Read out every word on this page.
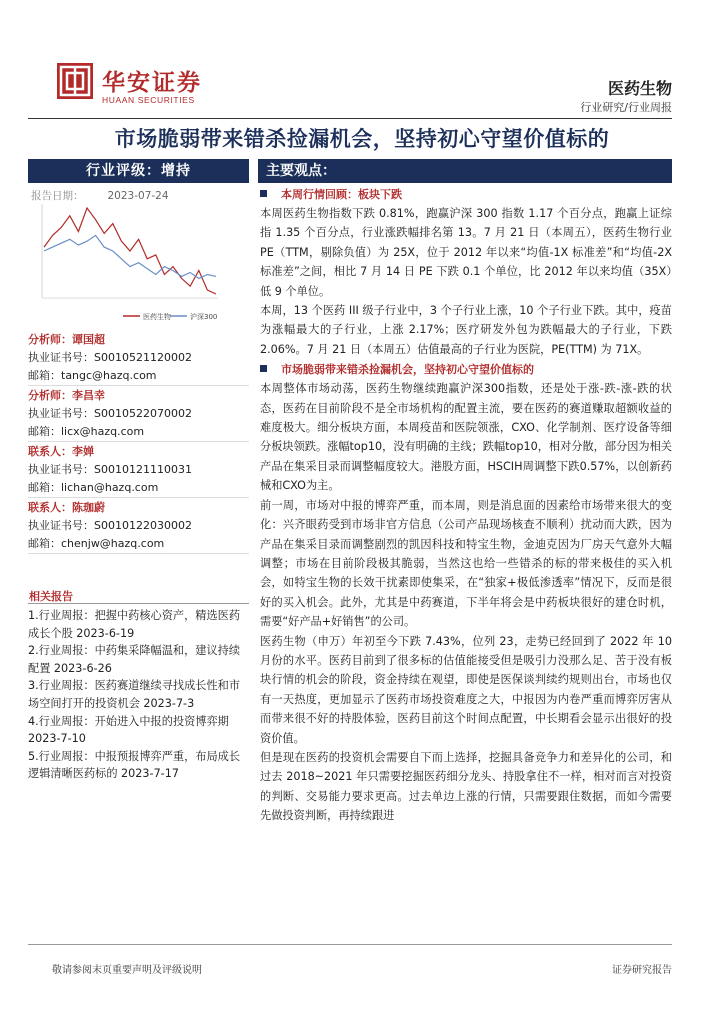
华安证券
HUAAN SECURITIES
医药生物
行业研究/行业周报
市场脆弱带来错杀捡漏机会，坚持初心守望价值标的
行业评级：增持
报告日期： 2023-07-24
医药生物	沪深300
分析师：谭国超
执业证书号：S0010521120002
邮箱：tangc@hazq.com
分析师：李昌幸
执业证书号：S0010522070002
邮箱：licx@hazq.com
联系人：李婵
执业证书号：S0010121110031
邮箱：lichan@hazq.com
联系人：陈珈蔚
执业证书号：S0010122030002
邮箱：chenjw@hazq.com
相关报告

1.行业周报：把握中药核心资产，精选医药成长个股 2023-6-19

2.行业周报：中药集采降幅温和，建议持续配置 2023-6-26

3.行业周报：医药赛道继续寻找成长性和市场空间打开的投资机会 2023-7-3

4.行业周报：开始进入中报的投资博弈期 2023-7-10

5.行业周报：中报预报博弈严重，布局成长逻辑清晰医药标的 2023-7-17

主要观点：
本周行情回顾：板块下跌
本周医药生物指数下跌 0.81%，跑赢沪深 300 指数 1.17 个百分点，跑赢上证综指 1.35 个百分点，行业涨跌幅排名第 13。7 月 21 日（本周五），医药生物行业 PE（TTM，剔除负值）为 25X，位于 2012 年以来“均值-1X 标准差”和“均值-2X 标准差”之间，相比 7 月 14 日 PE 下跌 0.1 个单位，比 2012 年以来均值（35X）低 9 个单位。
本周，13 个医药 III 级子行业中，3 个子行业上涨，10 个子行业下跌。其中，疫苗为涨幅最大的子行业，上涨 2.17%；医疗研发外包为跌幅最大的子行业，下跌 2.06%。7 月 21 日（本周五）估值最高的子行业为医院，PE(TTM) 为 71X。
市场脆弱带来错杀捡漏机会，坚持初心守望价值标的
本周整体市场动荡，医药生物继续跑赢沪深300指数，还是处于涨-跌-涨-跌的状态，医药在目前阶段不是全市场机构的配置主流，要在医药的赛道赚取超额收益的难度极大。细分板块方面，本周疫苗和医院领涨，CXO、化学制剂、医疗设备等细分板块领跌。涨幅top10，没有明确的主线；跌幅top10，相对分散，部分因为相关产品在集采目录而调整幅度较大。港股方面，HSCIH周调整下跌0.57%，以创新药械和CXO为主。
前一周，市场对中报的博弈严重，而本周，则是消息面的因素给市场带来很大的变化：兴齐眼药受到市场非官方信息（公司产品现场核查不顺利）扰动而大跌，因为产品在集采目录而调整剧烈的凯因科技和特宝生物，金迪克因为厂房天气意外大幅调整；市场在目前阶段极其脆弱，当然这也给一些错杀的标的带来极佳的买入机会，如特宝生物的长效干扰素即使集采，在“独家+极低渗透率”情况下，反而是很好的买入机会。此外，尤其是中药赛道，下半年将会是中药板块很好的建仓时机，需要“好产品+好销售”的公司。
医药生物（申万）年初至今下跌 7.43%，位列 23，走势已经回到了 2022 年 10 月份的水平。医药目前到了很多标的估值能接受但是吸引力没那么足、苦于没有板块行情的机会的阶段，资金持续在观望，即使是医保谈判续约规则出台，市场也仅有一天热度，更加显示了医药市场投资难度之大，中报因为内卷严重而博弈厉害从而带来很不好的持股体验，医药目前这个时间点配置，中长期看会显示出很好的投资价值。
但是现在医药的投资机会需要自下而上选择，挖掘具备竞争力和差异化的公司，和过去 2018~2021 年只需要挖掘医药细分龙头、持股拿住不一样，相对而言对投资的判断、交易能力要求更高。过去单边上涨的行情，只需要跟住数据，而如今需要先做投资判断，再持续跟进
敬请参阅末页重要声明及评级说明	证券研究报告
